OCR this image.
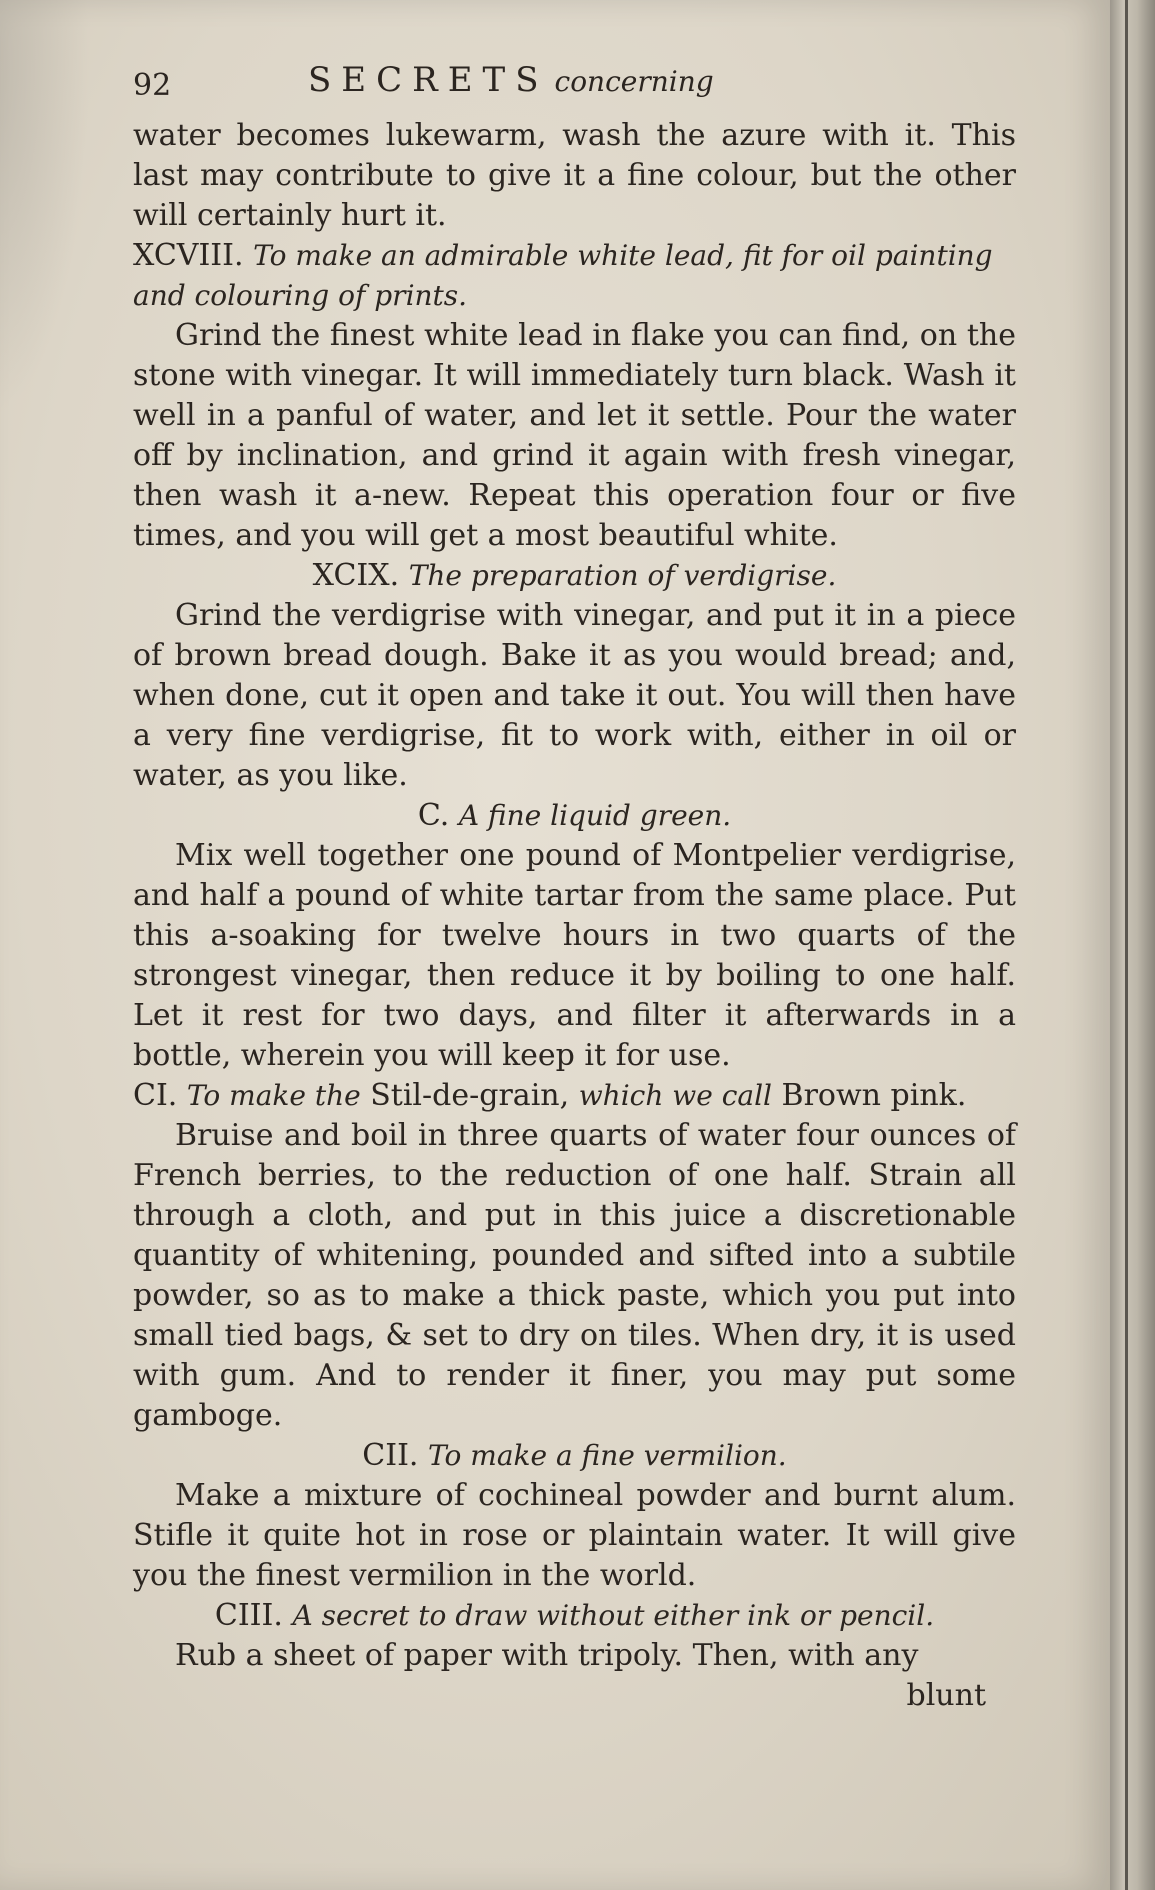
92	SECRETS concerning

water becomes lukewarm, wash the azure with it. This last may contribute to give it a fine colour, but the other will certainly hurt it.

XCVIII. To make an admirable white lead, fit for oil painting and colouring of prints.

Grind the finest white lead in flake you can find, on the stone with vinegar. It will immediately turn black. Wash it well in a panful of water, and let it settle. Pour the water off by inclination, and grind it again with fresh vinegar, then wash it a-new. Repeat this operation four or five times, and you will get a most beautiful white.

XCIX. The preparation of verdigrise.

Grind the verdigrise with vinegar, and put it in a piece of brown bread dough. Bake it as you would bread; and, when done, cut it open and take it out. You will then have a very fine verdigrise, fit to work with, either in oil or water, as you like.

C. A fine liquid green.

Mix well together one pound of Montpelier verdigrise, and half a pound of white tartar from the same place. Put this a-soaking for twelve hours in two quarts of the strongest vinegar, then reduce it by boiling to one half. Let it rest for two days, and filter it afterwards in a bottle, wherein you will keep it for use.

CI. To make the Stil-de-grain, which we call Brown pink.

Bruise and boil in three quarts of water four ounces of French berries, to the reduction of one half. Strain all through a cloth, and put in this juice a discretionable quantity of whitening, pounded and sifted into a subtile powder, so as to make a thick paste, which you put into small tied bags, & set to dry on tiles. When dry, it is used with gum. And to render it finer, you may put some gamboge.

CII. To make a fine vermilion.

Make a mixture of cochineal powder and burnt alum. Stifle it quite hot in rose or plaintain water. It will give you the finest vermilion in the world.

CIII. A secret to draw without either ink or pencil.

Rub a sheet of paper with tripoly. Then, with any

blunt
